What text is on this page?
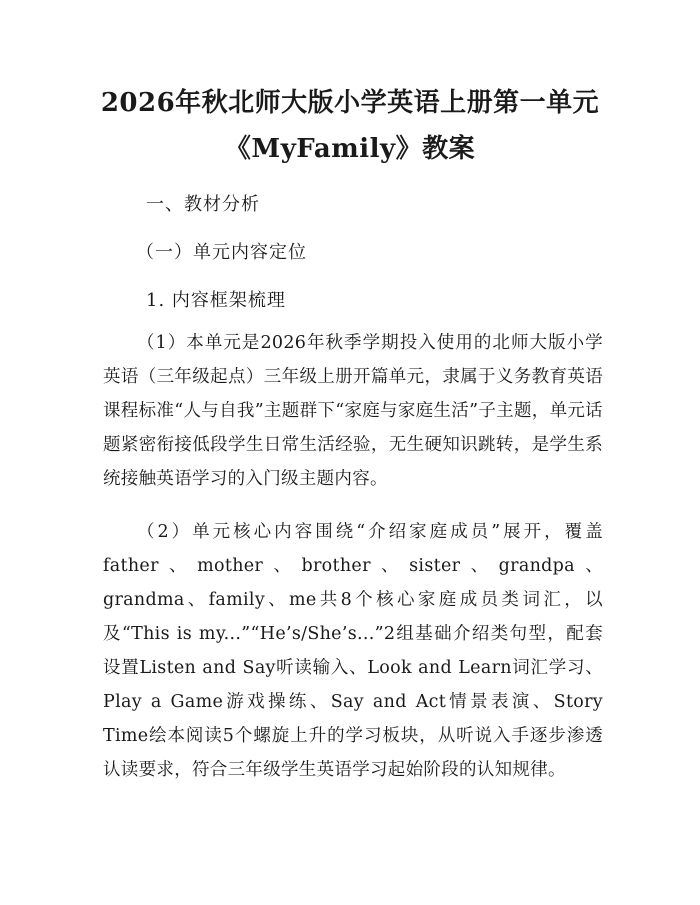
2026年秋北师大版小学英语上册第一单元
《MyFamily》教案
一、教材分析
（一）单元内容定位
1. 内容框架梳理
（1）本单元是2026年秋季学期投入使用的北师大版小学英语（三年级起点）三年级上册开篇单元，隶属于义务教育英语课程标准“人与自我”主题群下“家庭与家庭生活”子主题，单元话题紧密衔接低段学生日常生活经验，无生硬知识跳转，是学生系统接触英语学习的入门级主题内容。
（2）单元核心内容围绕“介绍家庭成员”展开，覆盖father、mother、brother、sister、grandpa、grandma、family、me共8个核心家庭成员类词汇，以及“This is my...”“He’s/She’s...”2组基础介绍类句型，配套设置Listen and Say听读输入、Look and Learn词汇学习、Play a Game游戏操练、Say and Act情景表演、Story Time绘本阅读5个螺旋上升的学习板块，从听说入手逐步渗透认读要求，符合三年级学生英语学习起始阶段的认知规律。
